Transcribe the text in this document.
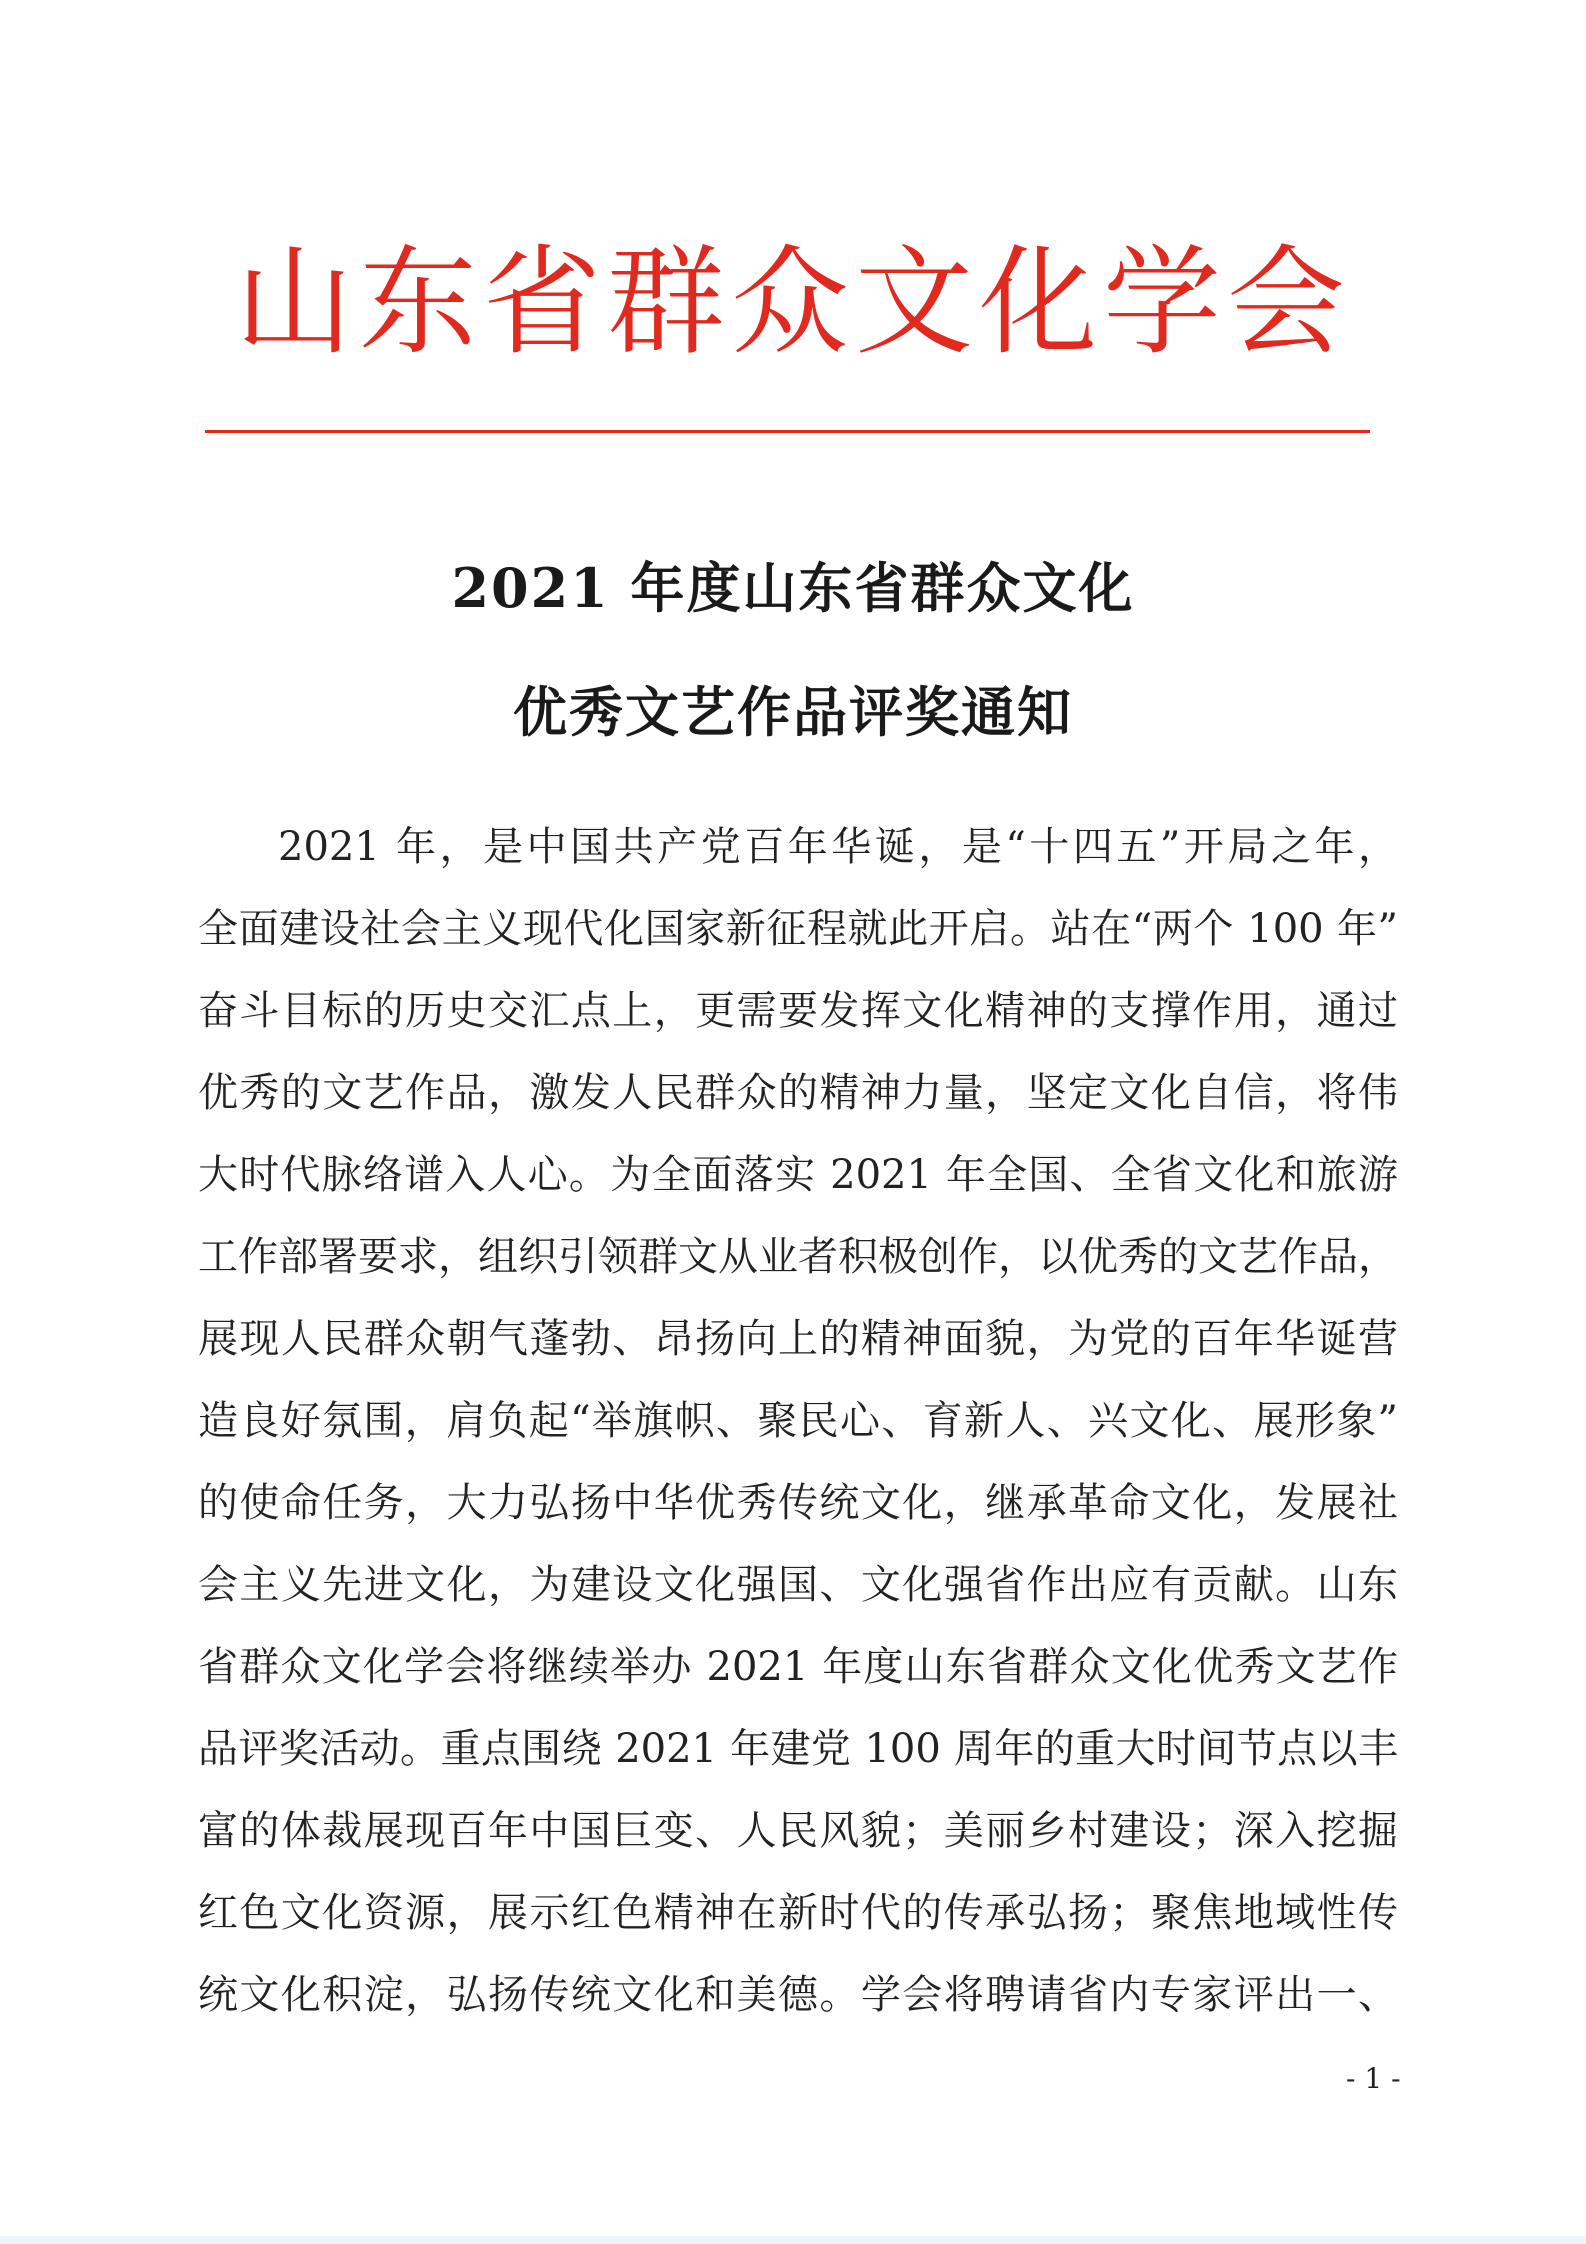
山东省群众文化学会
2021 年度山东省群众文化
优秀文艺作品评奖通知
2021 年，是中国共产党百年华诞，是“十四五”开局之年，
全面建设社会主义现代化国家新征程就此开启。站在“两个 100 年”
奋斗目标的历史交汇点上，更需要发挥文化精神的支撑作用，通过
优秀的文艺作品，激发人民群众的精神力量，坚定文化自信，将伟
大时代脉络谱入人心。为全面落实 2021 年全国、全省文化和旅游
工作部署要求，组织引领群文从业者积极创作，以优秀的文艺作品，
展现人民群众朝气蓬勃、昂扬向上的精神面貌，为党的百年华诞营
造良好氛围，肩负起“举旗帜、聚民心、育新人、兴文化、展形象”
的使命任务，大力弘扬中华优秀传统文化，继承革命文化，发展社
会主义先进文化，为建设文化强国、文化强省作出应有贡献。山东
省群众文化学会将继续举办 2021 年度山东省群众文化优秀文艺作
品评奖活动。重点围绕 2021 年建党 100 周年的重大时间节点以丰
富的体裁展现百年中国巨变、人民风貌；美丽乡村建设；深入挖掘
红色文化资源，展示红色精神在新时代的传承弘扬；聚焦地域性传
统文化积淀，弘扬传统文化和美德。学会将聘请省内专家评出一、
- 1 -
